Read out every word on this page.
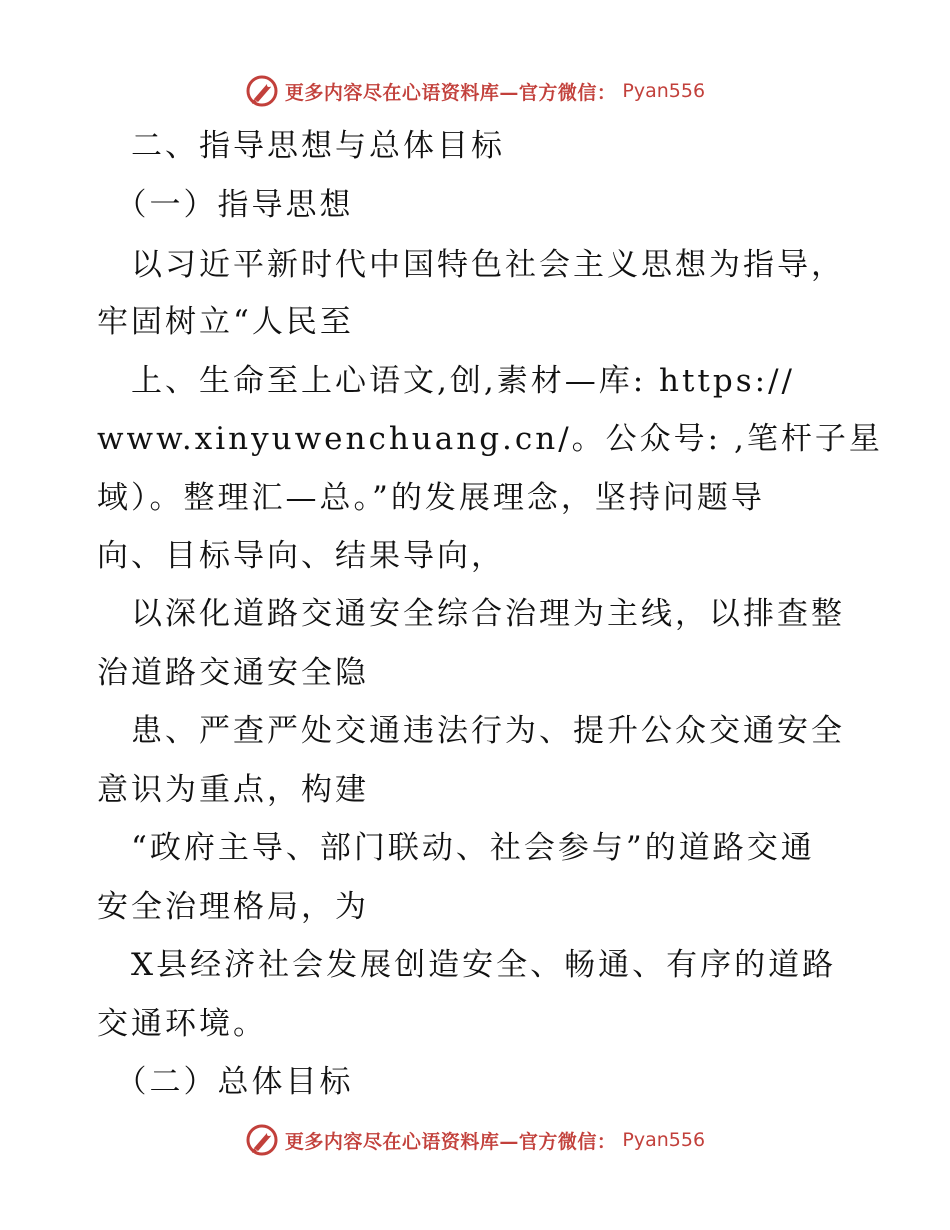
更多内容尽在心语资料库—官方微信： Pyan556
　二、指导思想与总体目标
　（一）指导思想
　以习近平新时代中国特色社会主义思想为指导，
牢固树立“人民至
　上、生命至上心语文,创,素材—库: https://
www.xinyuwenchuang.cn/。公众号: ,笔杆子星
域）。整理汇—总。”的发展理念，坚持问题导
向、目标导向、结果导向，
　以深化道路交通安全综合治理为主线，以排查整
治道路交通安全隐
　患、严查严处交通违法行为、提升公众交通安全
意识为重点，构建
　“政府主导、部门联动、社会参与”的道路交通
安全治理格局，为
　X县经济社会发展创造安全、畅通、有序的道路
交通环境。
　（二）总体目标
更多内容尽在心语资料库—官方微信： Pyan556
